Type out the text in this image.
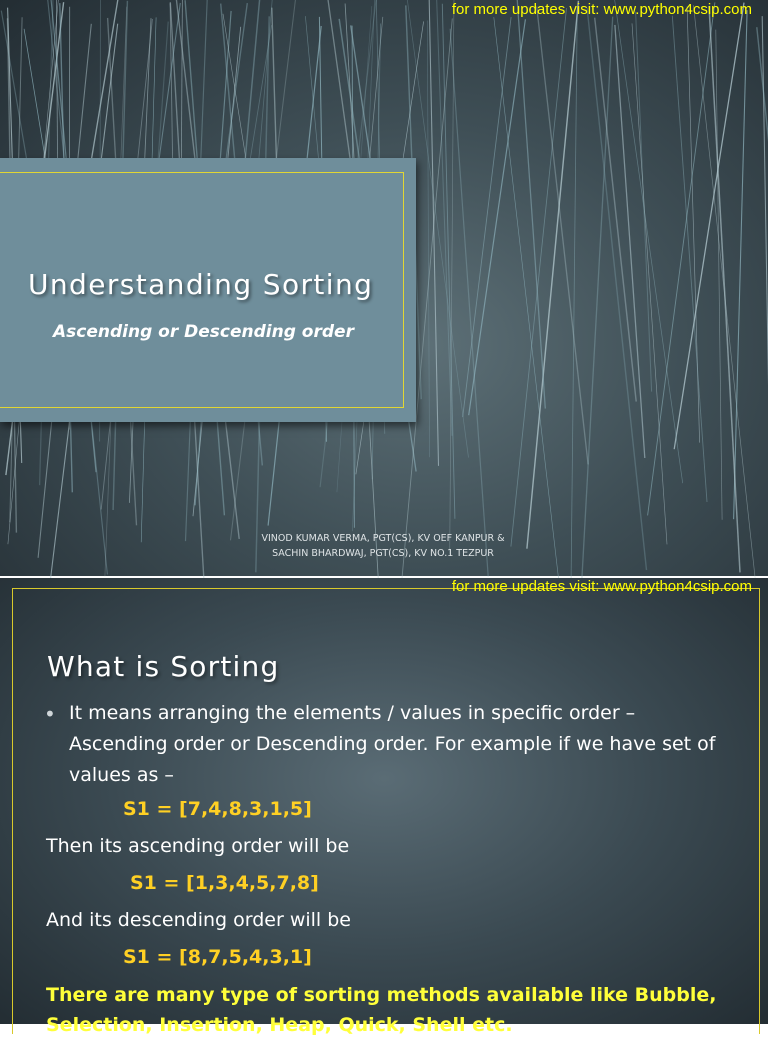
for more updates visit: www.python4csip.com
Understanding Sorting
Ascending or Descending order
VINOD KUMAR VERMA, PGT(CS), KV OEF KANPUR &
SACHIN BHARDWAJ, PGT(CS), KV NO.1 TEZPUR
for more updates visit: www.python4csip.com
What is Sorting
• It means arranging the elements / values in specific order – Ascending order or Descending order. For example if we have set of values as –
S1 = [7,4,8,3,1,5]
Then its ascending order will be
S1 = [1,3,4,5,7,8]
And its descending order will be
S1 = [8,7,5,4,3,1]
There are many type of sorting methods available like Bubble, Selection, Insertion, Heap, Quick, Shell etc.
